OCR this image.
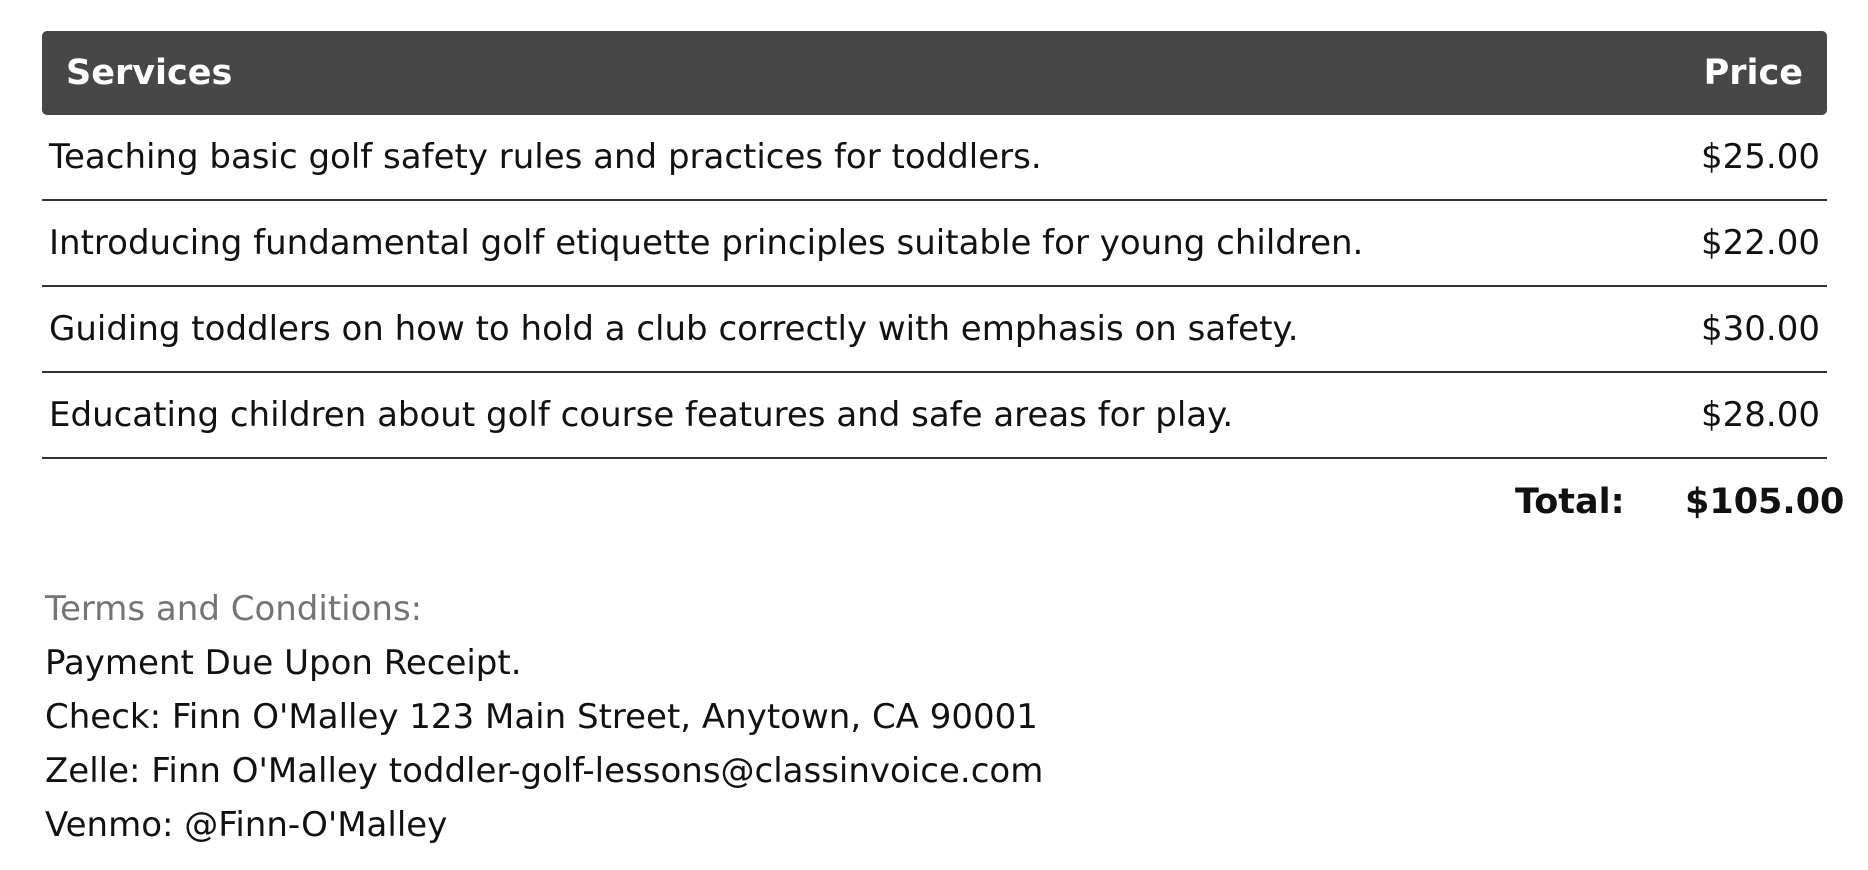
Services	Price
Teaching basic golf safety rules and practices for toddlers.	$25.00
Introducing fundamental golf etiquette principles suitable for young children.	$22.00
Guiding toddlers on how to hold a club correctly with emphasis on safety.	$30.00
Educating children about golf course features and safe areas for play.	$28.00
Total:	$105.00
Terms and Conditions:
Payment Due Upon Receipt.
Check: Finn O'Malley 123 Main Street, Anytown, CA 90001
Zelle: Finn O'Malley toddler-golf-lessons@classinvoice.com
Venmo: @Finn-O'Malley
